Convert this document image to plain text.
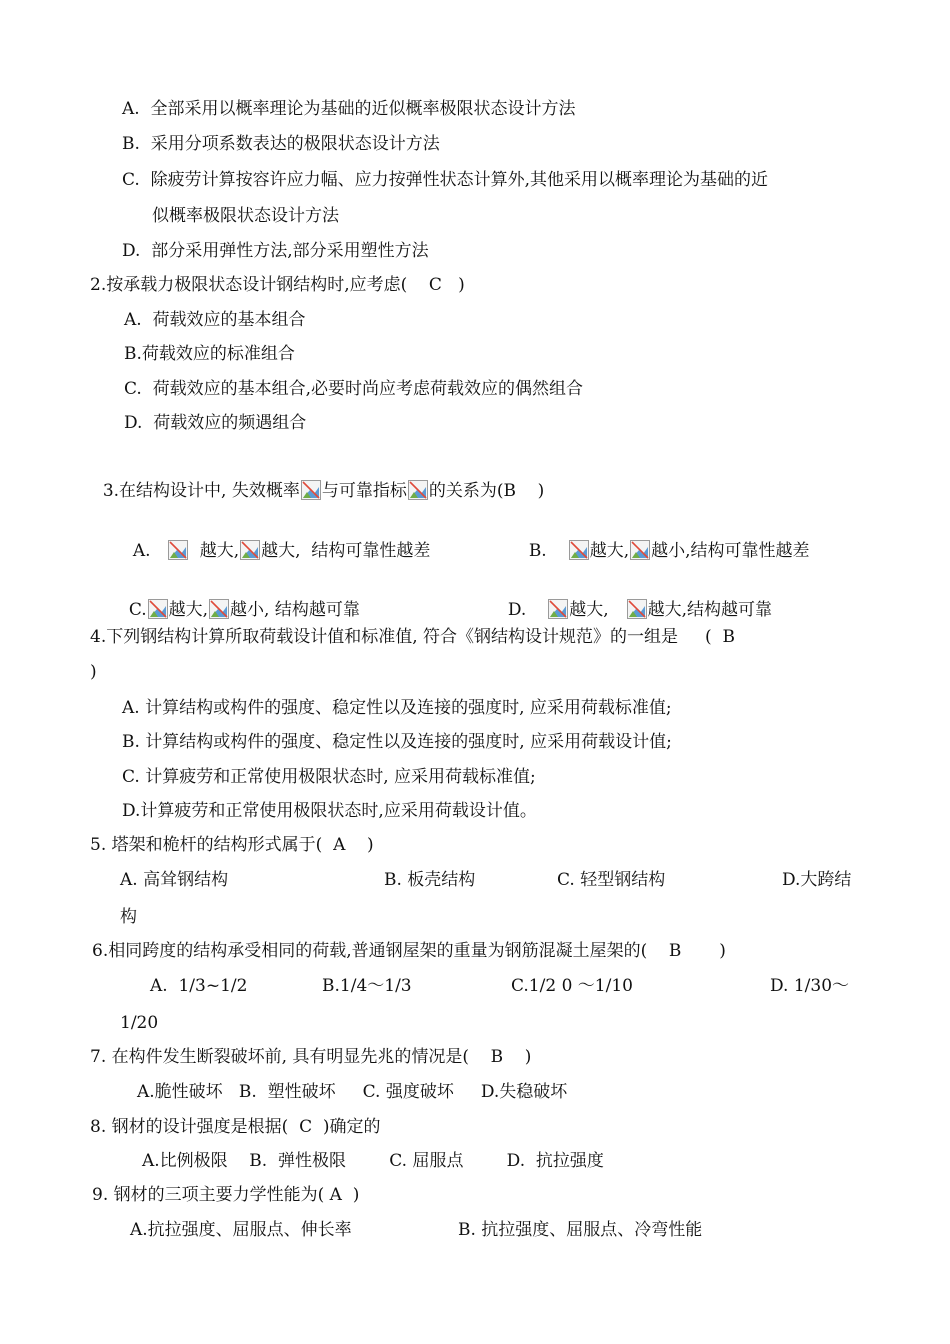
A.  全部采用以概率理论为基础的近似概率极限状态设计方法
B.  采用分项系数表达的极限状态设计方法
C.  除疲劳计算按容许应力幅、应力按弹性状态计算外,其他采用以概率理论为基础的近
似概率极限状态设计方法
D.  部分采用弹性方法,部分采用塑性方法
2.按承载力极限状态设计钢结构时,应考虑(    C   )
A.  荷载效应的基本组合
B.荷载效应的标准组合
C.  荷载效应的基本组合,必要时尚应考虑荷载效应的偶然组合
D.  荷载效应的频遇组合

3.在结构设计中, 失效概率 与可靠指标 的关系为(B    )

A.
越大, 越大,  结构可靠性越差	B.	越大, 越小,结构可靠性越差

C. 越大, 越小, 结构越可靠	D.	越大, 越大,结构越可靠

4.下列钢结构计算所取荷载设计值和标准值, 符合《钢结构设计规范》的一组是     (  B
)
A. 计算结构或构件的强度、稳定性以及连接的强度时, 应采用荷载标准值;
B. 计算结构或构件的强度、稳定性以及连接的强度时, 应采用荷载设计值;
C. 计算疲劳和正常使用极限状态时, 应采用荷载标准值;
D.计算疲劳和正常使用极限状态时,应采用荷载设计值。
5. 塔架和桅杆的结构形式属于(  A    )
A. 高耸钢结构	B. 板壳结构	C. 轻型钢结构	D.大跨结
构
6.相同跨度的结构承受相同的荷载,普通钢屋架的重量为钢筋混凝土屋架的(    B       )
A.  1/3~1/2	B.1/4～1/3	C.1/2 0 ～1/10	D. 1/30～
1/20
7. 在构件发生断裂破坏前, 具有明显先兆的情况是(    B    )
A.脆性破坏   B.  塑性破坏     C. 强度破坏     D.失稳破坏
8. 钢材的设计强度是根据(  C  )确定的
A.比例极限    B.  弹性极限        C. 屈服点        D.  抗拉强度
9. 钢材的三项主要力学性能为( A  )
A.抗拉强度、屈服点、伸长率	B. 抗拉强度、屈服点、冷弯性能
